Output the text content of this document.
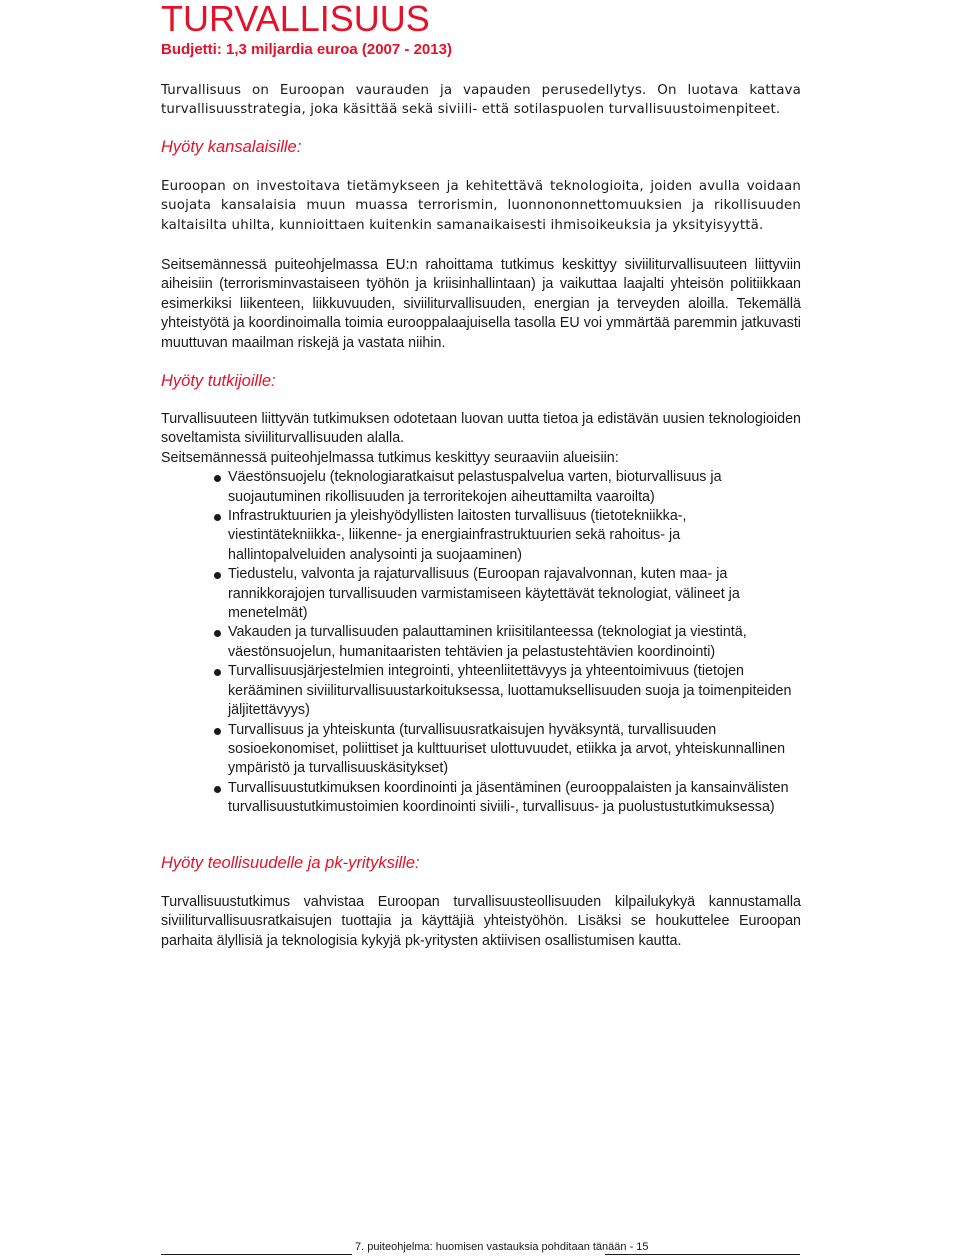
TURVALLISUUS
Budjetti: 1,3 miljardia euroa (2007 - 2013)

Turvallisuus on Euroopan vaurauden ja vapauden perusedellytys. On luotava kattava turvallisuusstrategia, joka käsittää sekä siviili- että sotilaspuolen turvallisuustoimenpiteet.

Hyöty kansalaisille:

Euroopan on investoitava tietämykseen ja kehitettävä teknologioita, joiden avulla voidaan suojata kansalaisia muun muassa terrorismin, luonnononnettomuuksien ja rikollisuuden kaltaisilta uhilta, kunnioittaen kuitenkin samanaikaisesti ihmisoikeuksia ja yksityisyyttä.

Seitsemännessä puiteohjelmassa EU:n rahoittama tutkimus keskittyy siviiliturvallisuuteen liittyviin aiheisiin (terrorisminvastaiseen työhön ja kriisinhallintaan) ja vaikuttaa laajalti yhteisön politiikkaan esimerkiksi liikenteen, liikkuvuuden, siviiliturvallisuuden, energian ja terveyden aloilla. Tekemällä yhteistyötä ja koordinoimalla toimia eurooppalaajuisella tasolla EU voi ymmärtää paremmin jatkuvasti muuttuvan maailman riskejä ja vastata niihin.

Hyöty tutkijoille:

Turvallisuuteen liittyvän tutkimuksen odotetaan luovan uutta tietoa ja edistävän uusien teknologioiden soveltamista siviiliturvallisuuden alalla.

Seitsemännessä puiteohjelmassa tutkimus keskittyy seuraaviin alueisiin:

Väestönsuojelu (teknologiaratkaisut pelastuspalvelua varten, bioturvallisuus ja suojautuminen rikollisuuden ja terroritekojen aiheuttamilta vaaroilta)
Infrastruktuurien ja yleishyödyllisten laitosten turvallisuus (tietotekniikka-, viestintätekniikka-, liikenne- ja energiainfrastruktuurien sekä rahoitus- ja hallintopalveluiden analysointi ja suojaaminen)
Tiedustelu, valvonta ja rajaturvallisuus (Euroopan rajavalvonnan, kuten maa- ja rannikkorajojen turvallisuuden varmistamiseen käytettävät teknologiat, välineet ja menetelmät)
Vakauden ja turvallisuuden palauttaminen kriisitilanteessa (teknologiat ja viestintä, väestönsuojelun, humanitaaristen tehtävien ja pelastustehtävien koordinointi)
Turvallisuusjärjestelmien integrointi, yhteenliitettävyys ja yhteentoimivuus (tietojen kerääminen siviiliturvallisuustarkoituksessa, luottamuksellisuuden suoja ja toimenpiteiden jäljitettävyys)
Turvallisuus ja yhteiskunta (turvallisuusratkaisujen hyväksyntä, turvallisuuden sosioekonomiset, poliittiset ja kulttuuriset ulottuvuudet, etiikka ja arvot, yhteiskunnallinen ympäristö ja turvallisuuskäsitykset)
Turvallisuustutkimuksen koordinointi ja jäsentäminen (eurooppalaisten ja kansainvälisten turvallisuustutkimustoimien koordinointi siviili-, turvallisuus- ja puolustustutkimuksessa)
Hyöty teollisuudelle ja pk-yrityksille:

Turvallisuustutkimus vahvistaa Euroopan turvallisuusteollisuuden kilpailukykyä kannustamalla siviiliturvallisuusratkaisujen tuottajia ja käyttäjiä yhteistyöhön. Lisäksi se houkuttelee Euroopan parhaita älyllisiä ja teknologisia kykyjä pk-yritysten aktiivisen osallistumisen kautta.

7. puiteohjelma: huomisen vastauksia pohditaan tänään - 15
